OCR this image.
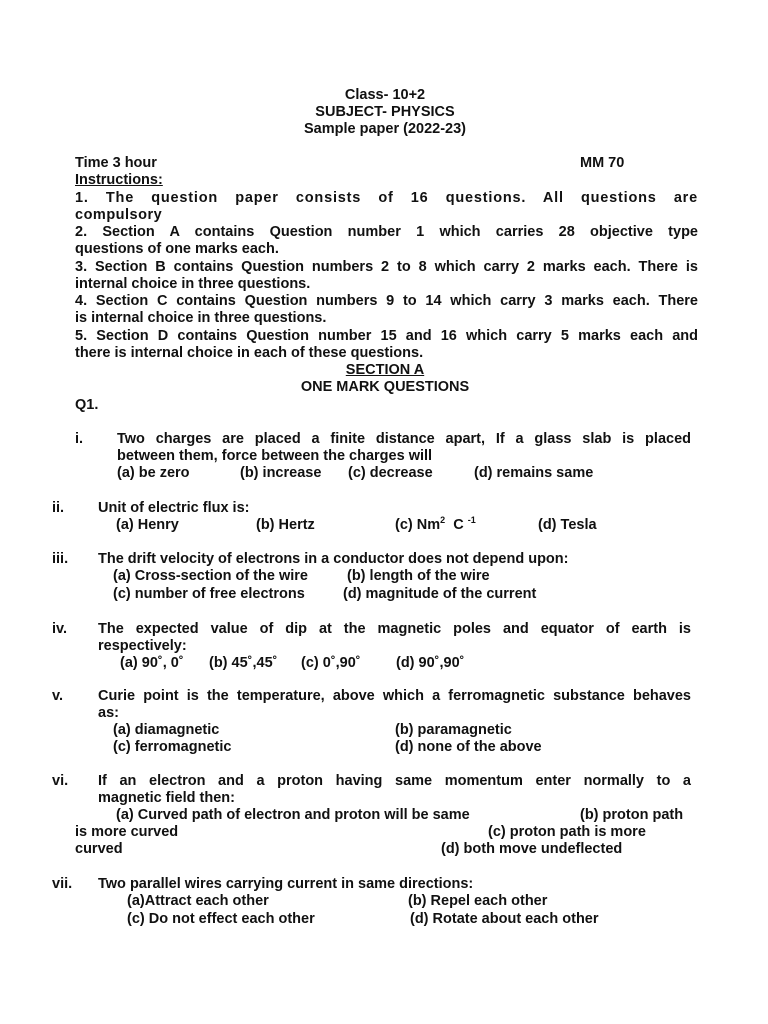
Class- 10+2
SUBJECT- PHYSICS
Sample paper (2022-23)
Time 3 hour	MM 70
Instructions:
1. The question paper consists of 16 questions. All questions are
compulsory
2. Section A contains Question number 1 which carries 28 objective type
questions of one marks each.
3. Section B contains Question numbers 2 to 8 which carry 2 marks each. There is
internal choice in three questions.
4. Section C contains Question numbers 9 to 14 which carry 3 marks each. There
is internal choice in three questions.
5. Section D contains Question number 15 and 16 which carry 5 marks each and
there is internal choice in each of these questions.
SECTION A
ONE MARK QUESTIONS
Q1.
i. Two charges are placed a finite distance apart, If a glass slab is placed
between them, force between the charges will
(a) be zero	(b) increase (c) decrease	(d) remains same
ii. Unit of electric flux is:
(a) Henry	(b) Hertz	(c) Nm$^2$ C $^{-1}$	(d) Tesla
iii. The drift velocity of electrons in a conductor does not depend upon:
(a) Cross-section of the wire	(b) length of the wire
(c) number of free electrons	(d) magnitude of the current
iv. The expected value of dip at the magnetic poles and equator of earth is
respectively:
(a) 90˚, 0˚ (b) 45˚,45˚ (c) 0˚,90˚ (d) 90˚,90˚
v. Curie point is the temperature, above which a ferromagnetic substance behaves
as:
(a) diamagnetic	(b) paramagnetic
(c) ferromagnetic	(d) none of the above
vi. If an electron and a proton having same momentum enter normally to a
magnetic field then:
(a) Curved path of electron and proton will be same	(b) proton path
is more curved	(c) proton path is more
curved	(d) both move undeflected
vii. Two parallel wires carrying current in same directions:
(a)Attract each other	(b) Repel each other
(c) Do not effect each other	(d) Rotate about each other
